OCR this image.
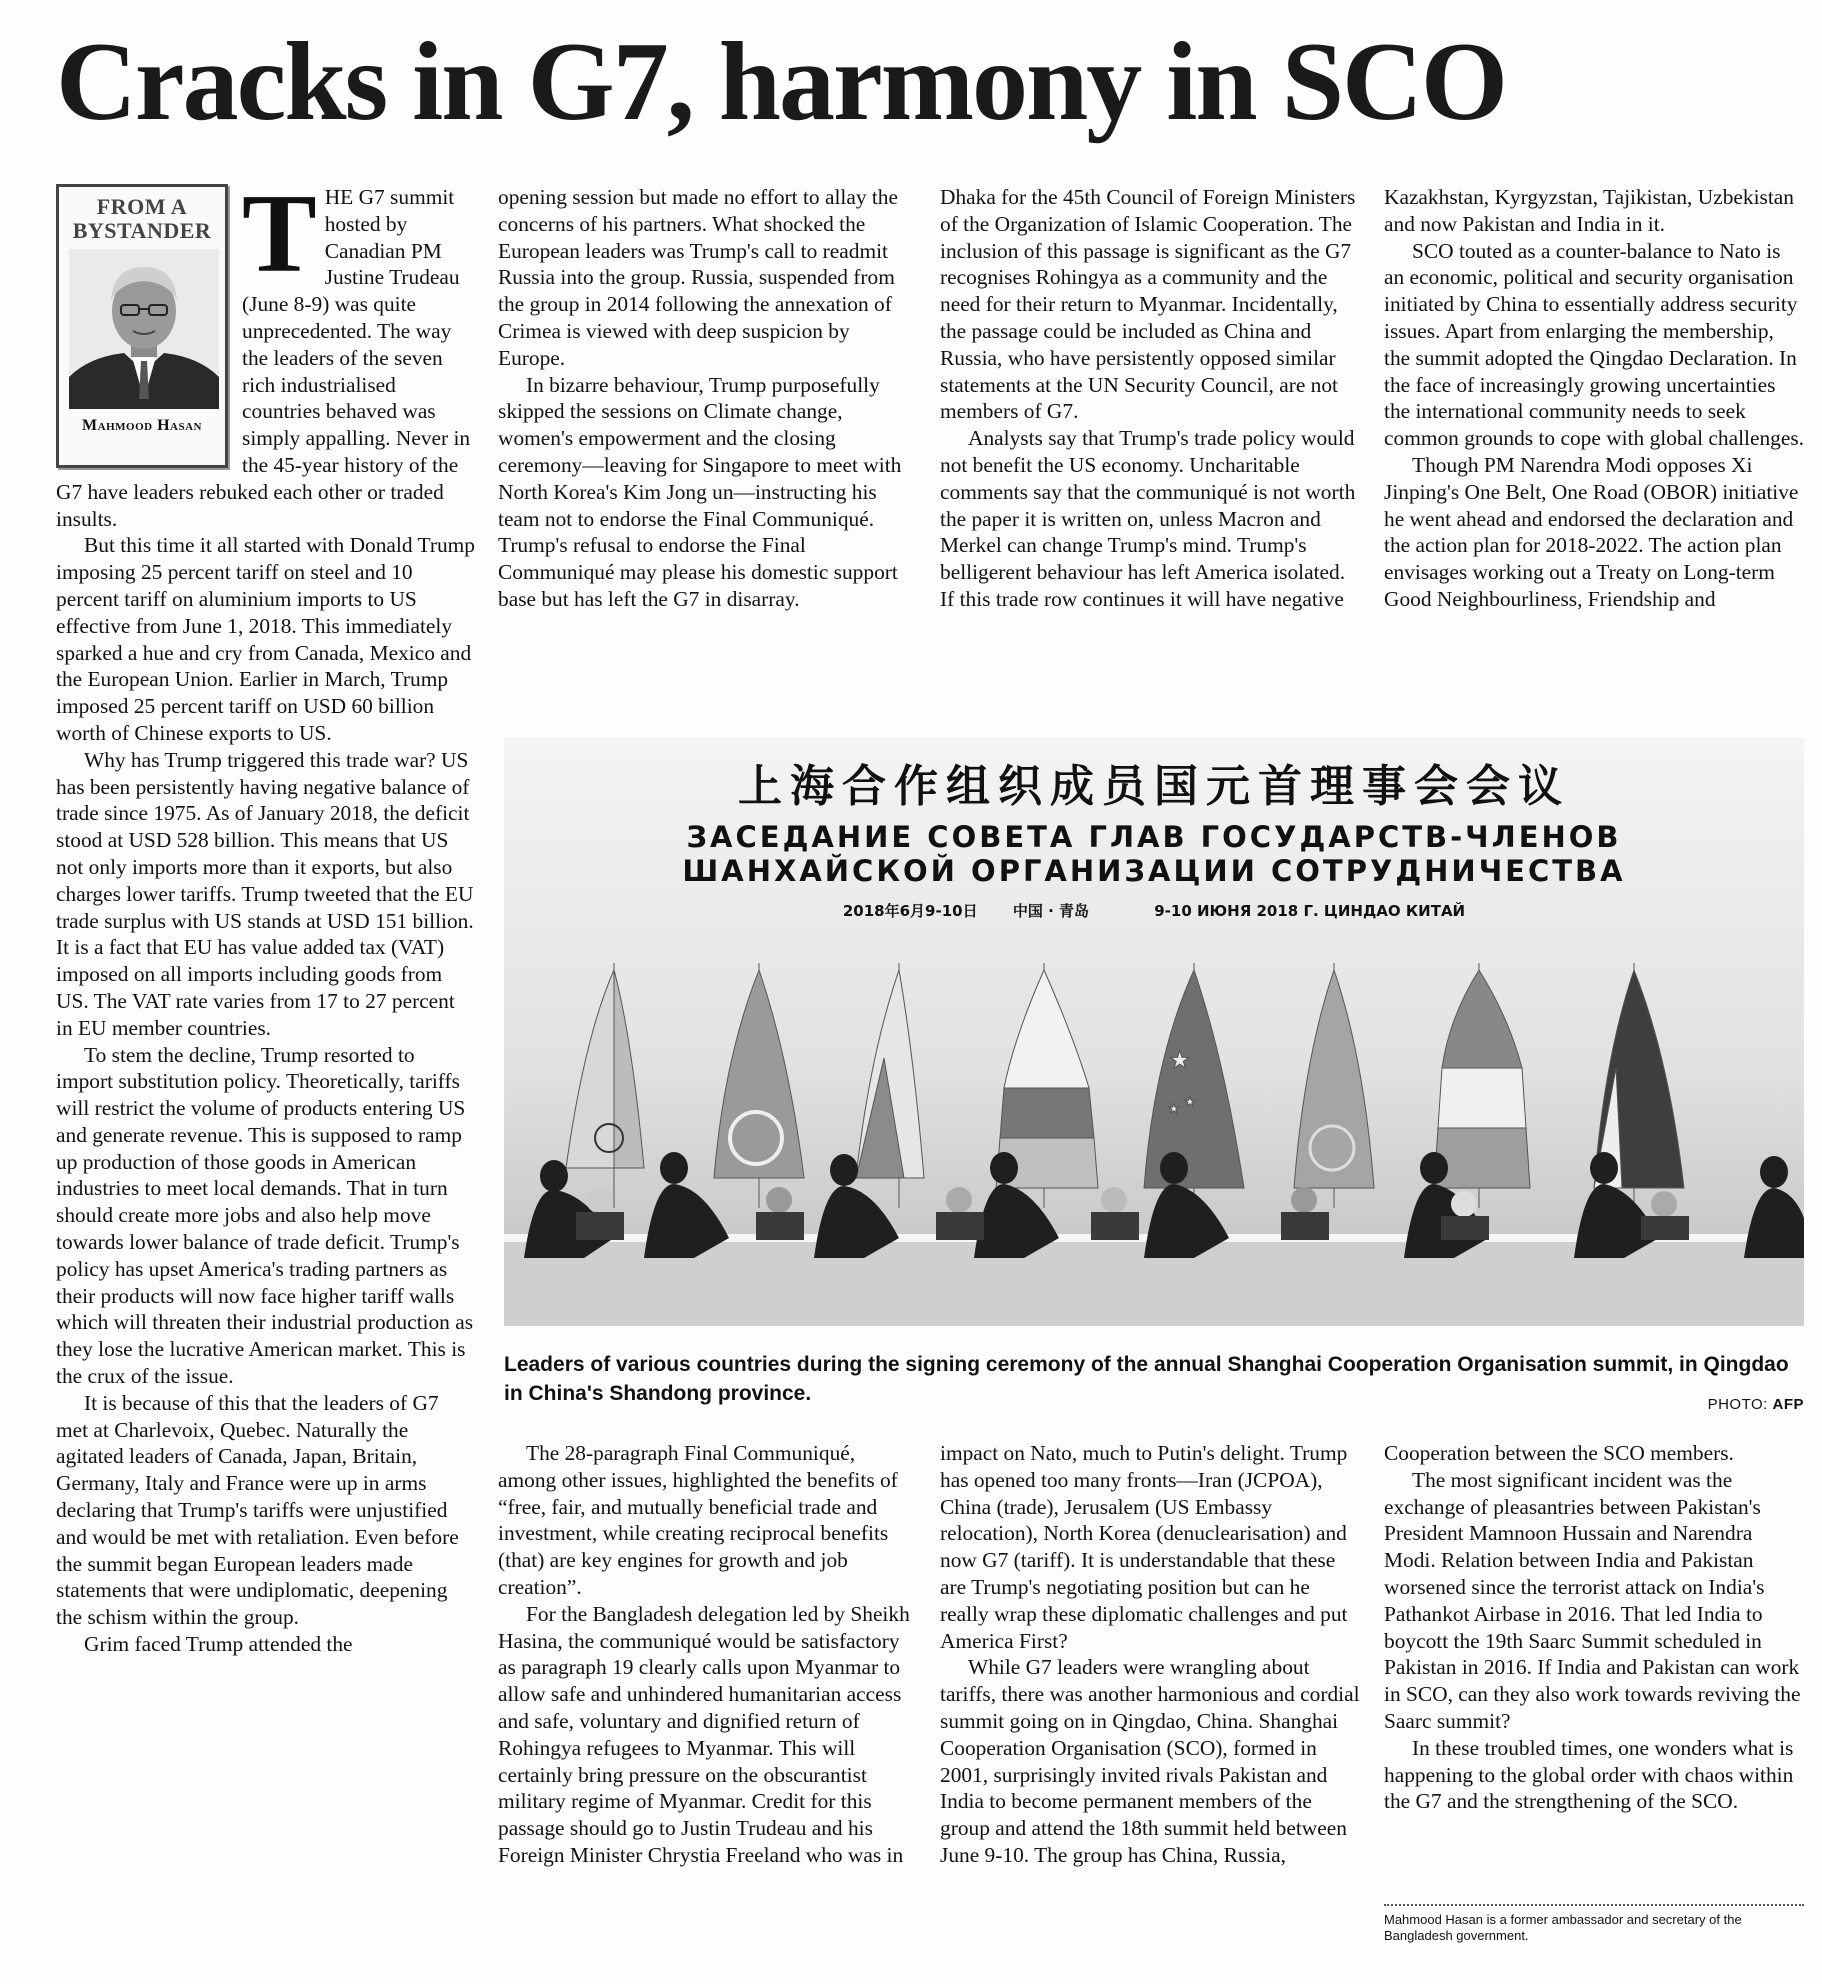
Cracks in G7, harmony in SCO
FROM A BYSTANDER
Mahmood Hasan

THE G7 summit hosted by Canadian PM Justine Trudeau (June 8-9) was quite unprecedented. The way the leaders of the seven rich industrialised countries behaved was simply appalling. Never in the 45-year history of the G7 have leaders rebuked each other or traded insults.

But this time it all started with Donald Trump imposing 25 percent tariff on steel and 10 percent tariff on aluminium imports to US effective from June 1, 2018. This immediately sparked a hue and cry from Canada, Mexico and the European Union. Earlier in March, Trump imposed 25 percent tariff on USD 60 billion worth of Chinese exports to US.

Why has Trump triggered this trade war? US has been persistently having negative balance of trade since 1975. As of January 2018, the deficit stood at USD 528 billion. This means that US not only imports more than it exports, but also charges lower tariffs. Trump tweeted that the EU trade surplus with US stands at USD 151 billion. It is a fact that EU has value added tax (VAT) imposed on all imports including goods from US. The VAT rate varies from 17 to 27 percent in EU member countries.

To stem the decline, Trump resorted to import substitution policy. Theoretically, tariffs will restrict the volume of products entering US and generate revenue. This is supposed to ramp up production of those goods in American industries to meet local demands. That in turn should create more jobs and also help move towards lower balance of trade deficit. Trump's policy has upset America's trading partners as their products will now face higher tariff walls which will threaten their industrial production as they lose the lucrative American market. This is the crux of the issue.

It is because of this that the leaders of G7 met at Charlevoix, Quebec. Naturally the agitated leaders of Canada, Japan, Britain, Germany, Italy and France were up in arms declaring that Trump's tariffs were unjustified and would be met with retaliation. Even before the summit began European leaders made statements that were undiplomatic, deepening the schism within the group.

Grim faced Trump attended the

opening session but made no effort to allay the concerns of his partners. What shocked the European leaders was Trump's call to readmit Russia into the group. Russia, suspended from the group in 2014 following the annexation of Crimea is viewed with deep suspicion by Europe.

In bizarre behaviour, Trump purposefully skipped the sessions on Climate change, women's empowerment and the closing ceremony—leaving for Singapore to meet with North Korea's Kim Jong un—instructing his team not to endorse the Final Communiqué. Trump's refusal to endorse the Final Communiqué may please his domestic support base but has left the G7 in disarray.

Dhaka for the 45th Council of Foreign Ministers of the Organization of Islamic Cooperation. The inclusion of this passage is significant as the G7 recognises Rohingya as a community and the need for their return to Myanmar. Incidentally, the passage could be included as China and Russia, who have persistently opposed similar statements at the UN Security Council, are not members of G7.

Analysts say that Trump's trade policy would not benefit the US economy. Uncharitable comments say that the communiqué is not worth the paper it is written on, unless Macron and Merkel can change Trump's mind. Trump's belligerent behaviour has left America isolated. If this trade row continues it will have negative

Kazakhstan, Kyrgyzstan, Tajikistan, Uzbekistan and now Pakistan and India in it.

SCO touted as a counter-balance to Nato is an economic, political and security organisation initiated by China to essentially address security issues. Apart from enlarging the membership, the summit adopted the Qingdao Declaration. In the face of increasingly growing uncertainties the international community needs to seek common grounds to cope with global challenges.

Though PM Narendra Modi opposes Xi Jinping's One Belt, One Road (OBOR) initiative he went ahead and endorsed the declaration and the action plan for 2018-2022. The action plan envisages working out a Treaty on Long-term Good Neighbourliness, Friendship and

★
★
★
上海合作组织成员国元首理事会会议
ЗАСЕДАНИЕ СОВЕТА ГЛАВ ГОСУДАРСТВ-ЧЛЕНОВ
ШАНХАЙСКОЙ ОРГАНИЗАЦИИ СОТРУДНИЧЕСТВА
2018年6月9-10日 中国 · 青岛	9-10 ИЮНЯ 2018 Г. ЦИНДАО КИТАЙ
Leaders of various countries during the signing ceremony of the annual Shanghai Cooperation Organisation summit, in Qingdao in China's Shandong province.	PHOTO: AFP

The 28-paragraph Final Communiqué, among other issues, highlighted the benefits of “free, fair, and mutually beneficial trade and investment, while creating reciprocal benefits (that) are key engines for growth and job creation”.

For the Bangladesh delegation led by Sheikh Hasina, the communiqué would be satisfactory as paragraph 19 clearly calls upon Myanmar to allow safe and unhindered humanitarian access and safe, voluntary and dignified return of Rohingya refugees to Myanmar. This will certainly bring pressure on the obscurantist military regime of Myanmar. Credit for this passage should go to Justin Trudeau and his Foreign Minister Chrystia Freeland who was in

impact on Nato, much to Putin's delight. Trump has opened too many fronts—Iran (JCPOA), China (trade), Jerusalem (US Embassy relocation), North Korea (denuclearisation) and now G7 (tariff). It is understandable that these are Trump's negotiating position but can he really wrap these diplomatic challenges and put America First?

While G7 leaders were wrangling about tariffs, there was another harmonious and cordial summit going on in Qingdao, China. Shanghai Cooperation Organisation (SCO), formed in 2001, surprisingly invited rivals Pakistan and India to become permanent members of the group and attend the 18th summit held between June 9-10. The group has China, Russia,

Cooperation between the SCO members.

The most significant incident was the exchange of pleasantries between Pakistan's President Mamnoon Hussain and Narendra Modi. Relation between India and Pakistan worsened since the terrorist attack on India's Pathankot Airbase in 2016. That led India to boycott the 19th Saarc Summit scheduled in Pakistan in 2016. If India and Pakistan can work in SCO, can they also work towards reviving the Saarc summit?

In these troubled times, one wonders what is happening to the global order with chaos within the G7 and the strengthening of the SCO.

Mahmood Hasan is a former ambassador and secretary of the Bangladesh government.
